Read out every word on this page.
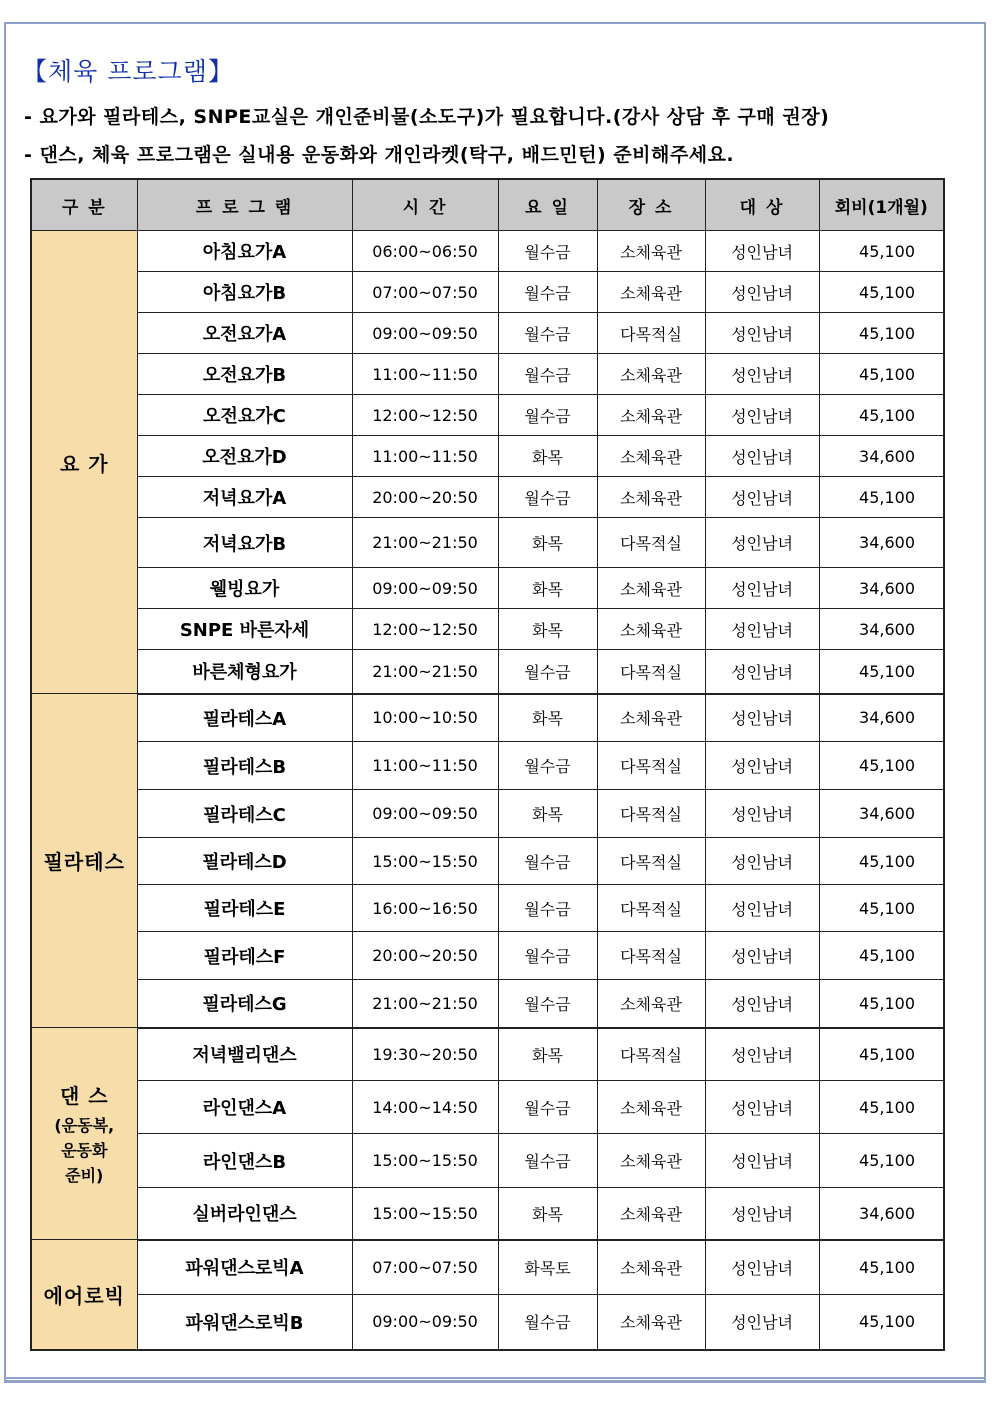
【체육 프로그램】
- 요가와 필라테스, SNPE교실은 개인준비물(소도구)가 필요합니다.(강사 상담 후 구매 권장)
- 댄스, 체육 프로그램은 실내용 운동화와 개인라켓(탁구, 배드민턴) 준비해주세요.
구 분	프 로 그 램	시 간	요 일	장 소	대 상	회비(1개월)
요 가	아침요가A	06:00~06:50	월수금	소체육관	성인남녀	45,100
	아침요가B	07:00~07:50	월수금	소체육관	성인남녀	45,100
	오전요가A	09:00~09:50	월수금	다목적실	성인남녀	45,100
	오전요가B	11:00~11:50	월수금	소체육관	성인남녀	45,100
	오전요가C	12:00~12:50	월수금	소체육관	성인남녀	45,100
	오전요가D	11:00~11:50	화목	소체육관	성인남녀	34,600
	저녁요가A	20:00~20:50	월수금	소체육관	성인남녀	45,100
	저녁요가B	21:00~21:50	화목	다목적실	성인남녀	34,600
	웰빙요가	09:00~09:50	화목	소체육관	성인남녀	34,600
	SNPE 바른자세	12:00~12:50	화목	소체육관	성인남녀	34,600
	바른체형요가	21:00~21:50	월수금	다목적실	성인남녀	45,100
필라테스	필라테스A	10:00~10:50	화목	소체육관	성인남녀	34,600
	필라테스B	11:00~11:50	월수금	다목적실	성인남녀	45,100
	필라테스C	09:00~09:50	화목	다목적실	성인남녀	34,600
	필라테스D	15:00~15:50	월수금	다목적실	성인남녀	45,100
	필라테스E	16:00~16:50	월수금	다목적실	성인남녀	45,100
	필라테스F	20:00~20:50	월수금	다목적실	성인남녀	45,100
	필라테스G	21:00~21:50	월수금	소체육관	성인남녀	45,100
댄 스
(운동복,
운동화
준비)	저녁밸리댄스	19:30~20:50	화목	다목적실	성인남녀	45,100
	라인댄스A	14:00~14:50	월수금	소체육관	성인남녀	45,100
	라인댄스B	15:00~15:50	월수금	소체육관	성인남녀	45,100
	실버라인댄스	15:00~15:50	화목	소체육관	성인남녀	34,600
에어로빅	파워댄스로빅A	07:00~07:50	화목토	소체육관	성인남녀	45,100
	파워댄스로빅B	09:00~09:50	월수금	소체육관	성인남녀	45,100
